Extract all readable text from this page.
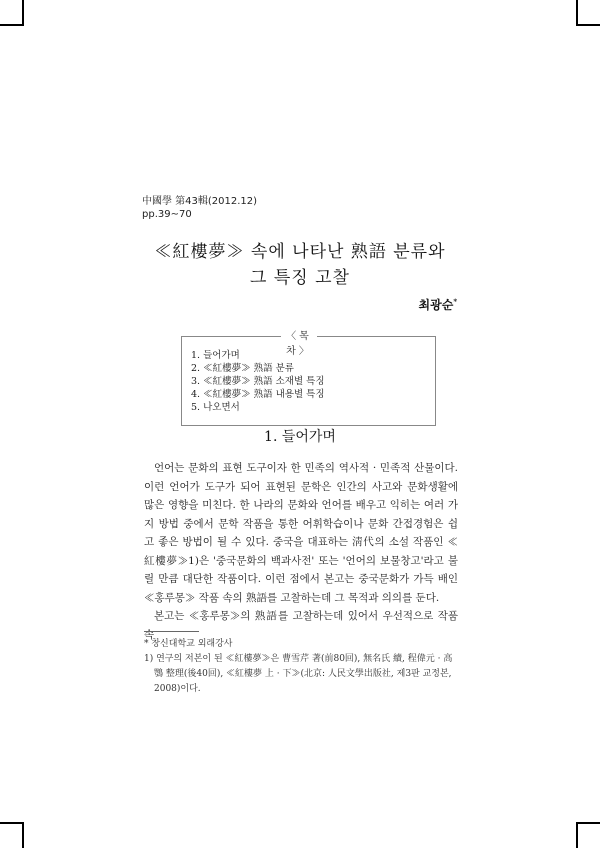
中國學 第43輯(2012.12)
pp.39∼70
≪紅樓夢≫ 속에 나타난 熟語 분류와
그 특징 고찰
최광순*
1. 들어가며
2. ≪紅樓夢≫ 熟語 분류
3. ≪紅樓夢≫ 熟語 소재별 특징
4. ≪紅樓夢≫ 熟語 내용별 특징
5. 나오면서
〈목 차〉
1. 들어가며

언어는 문화의 표현 도구이자 한 민족의 역사적 · 민족적 산물이다. 이런 언어가 도구가 되어 표현된 문학은 인간의 사고와 문화생활에 많은 영향을 미친다. 한 나라의 문화와 언어를 배우고 익히는 여러 가지 방법 중에서 문학 작품을 통한 어휘학습이나 문화 간접경험은 쉽고 좋은 방법이 될 수 있다. 중국을 대표하는 淸代의 소설 작품인 ≪紅樓夢≫1)은 '중국문화의 백과사전' 또는 '언어의 보물창고'라고 불릴 만큼 대단한 작품이다. 이런 점에서 본고는 중국문화가 가득 배인 ≪홍루몽≫ 작품 속의 熟語를 고찰하는데 그 목적과 의의를 둔다.

본고는 ≪홍루몽≫의 熟語를 고찰하는데 있어서 우선적으로 작품 속

* 창신대학교 외래강사
1) 연구의 저본이 된 ≪紅樓夢≫은 曹雪芹 著(前80回), 無名氏 續, 程偉元 · 高鶚 整理(後40回), ≪紅樓夢 上 · 下≫(北京: 人民文學出版社, 제3판 교정본, 2008)이다.
